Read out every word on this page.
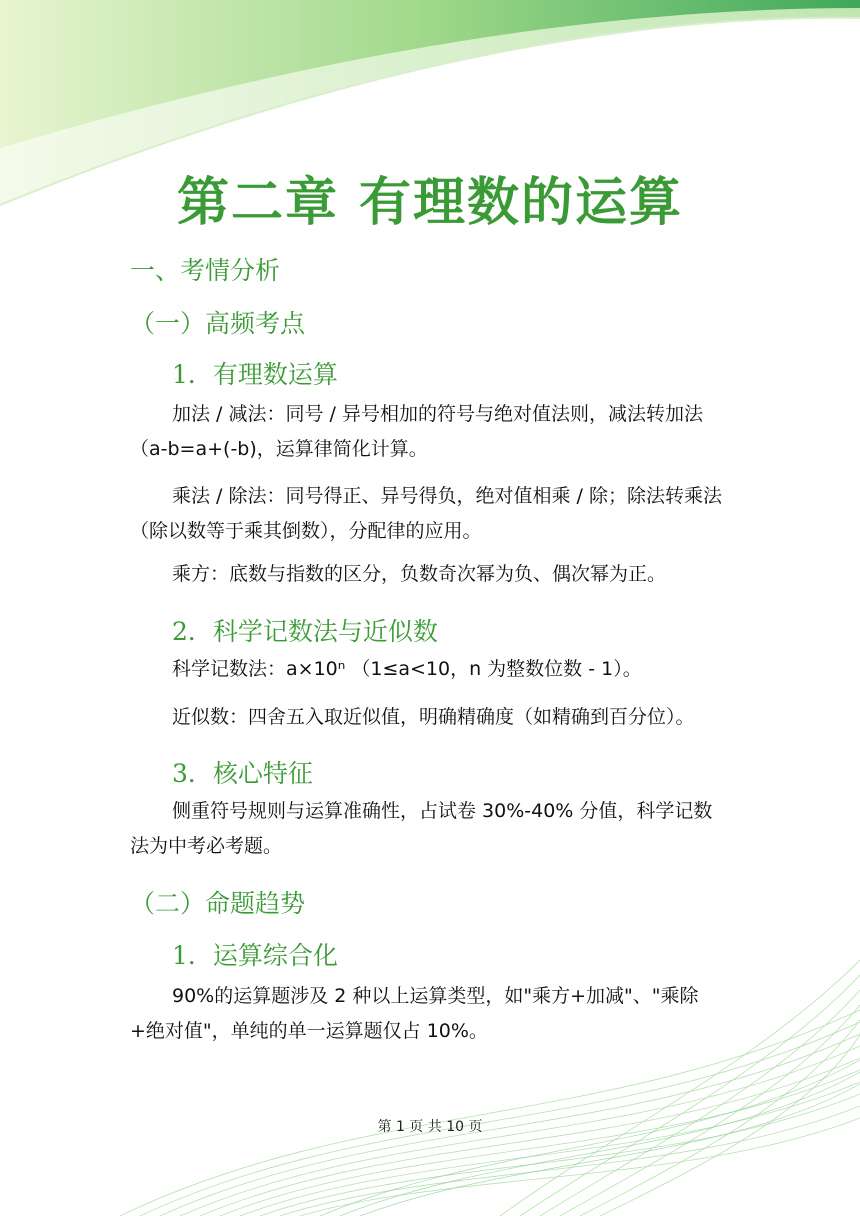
第二章 有理数的运算
一、考情分析
（一）高频考点
1．有理数运算
加法 / 减法：同号 / 异号相加的符号与绝对值法则，减法转加法（a-b=a+(-b)，运算律简化计算。
乘法 / 除法：同号得正、异号得负，绝对值相乘 / 除；除法转乘法（除以数等于乘其倒数），分配律的应用。
乘方：底数与指数的区分，负数奇次幂为负、偶次幂为正。
2．科学记数法与近似数
科学记数法：a×10ⁿ （1≤a<10，n 为整数位数 - 1）。
近似数：四舍五入取近似值，明确精确度（如精确到百分位）。
3．核心特征
侧重符号规则与运算准确性，占试卷 30%-40% 分值，科学记数法为中考必考题。
（二）命题趋势
1．运算综合化
90%的运算题涉及 2 种以上运算类型，如"乘方+加减"、"乘除+绝对值"，单纯的单一运算题仅占 10%。
第 1 页 共 10 页
